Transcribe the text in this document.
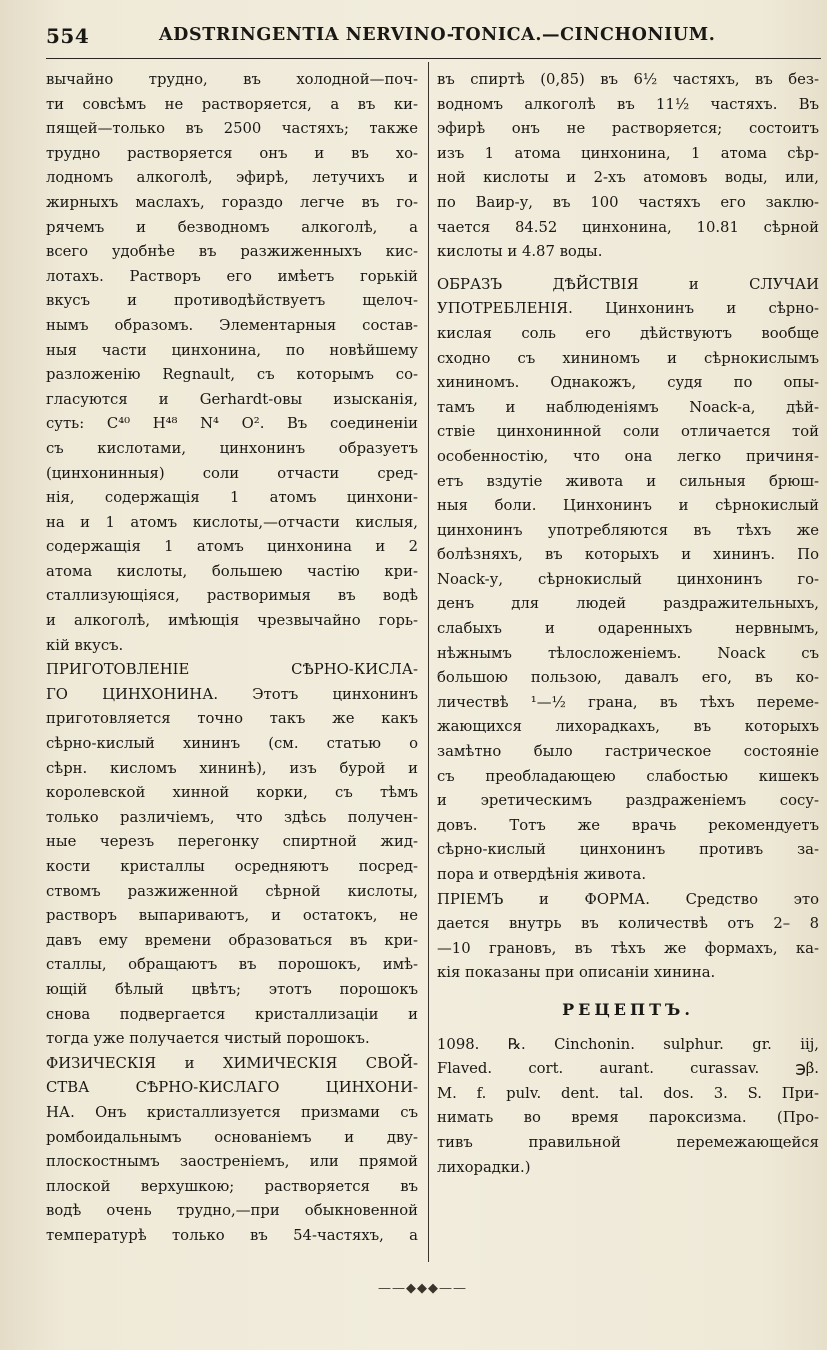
554	ADSTRINGENTIA NERVINO-TONICA.—CINCHONIUM.
вычайно трудно, въ холодной—поч-
ти совсѣмъ не растворяется, а въ ки-
пящей—только въ 2500 частяхъ; также
трудно растворяется онъ и въ хо-
лодномъ алкоголѣ, эфирѣ, летучихъ и
жирныхъ маслахъ, гораздо легче въ го-
рячемъ и безводномъ алкоголѣ, а
всего удобнѣе въ разжиженныхъ кис-
лотахъ. Растворъ его имѣетъ горькій
вкусъ и противодѣйствуетъ щелоч-
нымъ образомъ. Элементарныя состав-
ныя части цинхонина, по новѣйшему
разложенію Regnault, съ которымъ со-
гласуются и Gerhardt-овы изысканія,
суть: C⁴⁰ H⁴⁸ N⁴ O². Въ соединеніи
съ кислотами, цинхонинъ образуетъ
(цинхонинныя) соли отчасти сред-
нія, содержащія 1 атомъ цинхони-
на и 1 атомъ кислоты,—отчасти кислыя,
содержащія 1 атомъ цинхонина и 2
атома кислоты, большею частію кри-
сталлизующіяся, растворимыя въ водѣ
и алкоголѣ, имѣющія чрезвычайно горь-
кій вкусъ.
ПРИГОТОВЛЕНІЕ СѢРНО-КИСЛА-
ГО ЦИНХОНИНА. Этотъ цинхонинъ
приготовляется точно такъ же какъ
сѣрно-кислый хининъ (см. статью о
сѣрн. кисломъ хининѣ), изъ бурой и
королевской хинной корки, съ тѣмъ
только различіемъ, что здѣсь получен-
ные черезъ перегонку спиртной жид-
кости кристаллы осредняютъ посред-
ствомъ разжиженной сѣрной кислоты,
растворъ выпариваютъ, и остатокъ, не
давъ ему времени образоваться въ кри-
сталлы, обращаютъ въ порошокъ, имѣ-
ющій бѣлый цвѣтъ; этотъ порошокъ
снова подвергается кристаллизаціи и
тогда уже получается чистый порошокъ.
ФИЗИЧЕСКІЯ и ХИМИЧЕСКІЯ СВОЙ-
СТВА СѢРНО-КИСЛАГО ЦИНХОНИ-
НА. Онъ кристаллизуется призмами съ
ромбоидальнымъ основаніемъ и дву-
плоскостнымъ заостреніемъ, или прямой
плоской верхушкою; растворяется въ
водѣ очень трудно,—при обыкновенной
температурѣ только въ 54-частяхъ, а
въ спиртѣ (0,85) въ 6½ частяхъ, въ без-
водномъ алкоголѣ въ 11½ частяхъ. Въ
эфирѣ онъ не растворяется; состоитъ
изъ 1 атома цинхонина, 1 атома сѣр-
ной кислоты и 2-хъ атомовъ воды, или,
по Ваир-у, въ 100 частяхъ его заклю-
чается 84.52 цинхонина, 10.81 сѣрной
кислоты и 4.87 воды.
ОБРАЗЪ ДѢЙСТВІЯ и СЛУЧАИ
УПОТРЕБЛЕНІЯ. Цинхонинъ и сѣрно-
кислая соль его дѣйствуютъ вообще
сходно съ хининомъ и сѣрнокислымъ
хининомъ. Однакожъ, судя по опы-
тамъ и наблюденіямъ Noack-а, дѣй-
ствіе цинхонинной соли отличается той
особенностію, что она легко причиня-
етъ вздутіе живота и сильныя брюш-
ныя боли. Цинхонинъ и сѣрнокислый
цинхонинъ употребляются въ тѣхъ же
болѣзняхъ, въ которыхъ и хининъ. По
Noack-у, сѣрнокислый цинхонинъ го-
денъ для людей раздражительныхъ,
слабыхъ и одаренныхъ нервнымъ,
нѣжнымъ тѣлосложеніемъ. Noack съ
большою пользою, давалъ его, въ ко-
личествѣ ¹—½ грана, въ тѣхъ переме-
жающихся лихорадкахъ, въ которыхъ
замѣтно было гастрическое состояніе
съ преобладающею слабостью кишекъ
и эретическимъ раздраженіемъ сосу-
довъ. Тотъ же врачь рекомендуетъ
сѣрно-кислый цинхонинъ противъ за-
пора и отвердѣнія живота.
ПРІЕМЪ и ФОРМА. Средство это
дается внутрь въ количествѣ отъ 2– 8
—10 грановъ, въ тѣхъ же формахъ, ка-
кія показаны при описаніи хинина.
РЕЦЕПТЪ.
1098. ℞. Cinchonin. sulphur. gr. iij,
Flaved. cort. aurant. curassav. ℈β.
M. f. pulv. dent. tal. dos. 3. S. При-
нимать во время пароксизма. (Про-
тивъ правильной перемежающейся
лихорадки.)
——◆◆◆——
